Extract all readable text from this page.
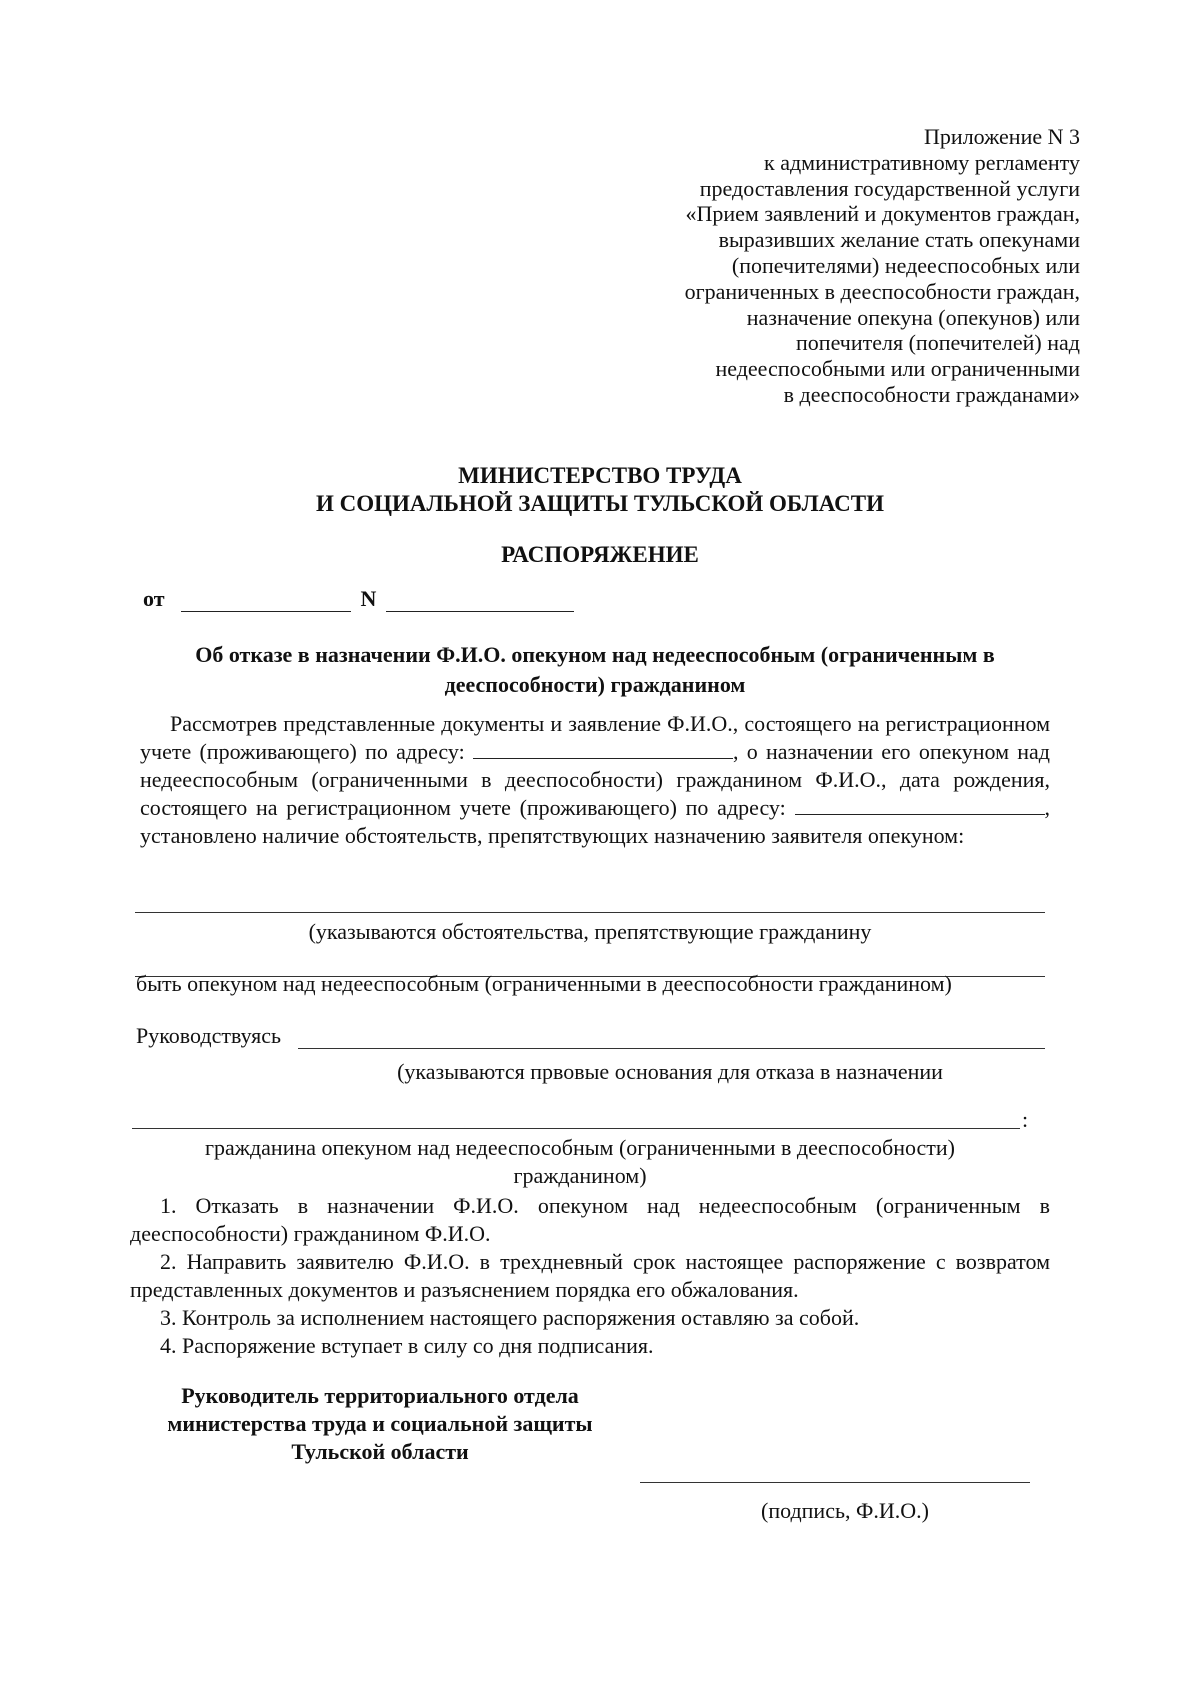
Приложение N 3
к административному регламенту
предоставления государственной услуги
«Прием заявлений и документов граждан,
выразивших желание стать опекунами
(попечителями) недееспособных или
ограниченных в дееспособности граждан,
назначение опекуна (опекунов) или
попечителя (попечителей) над
недееспособными или ограниченными
в дееспособности гражданами»
МИНИСТЕРСТВО ТРУДА
И СОЦИАЛЬНОЙ ЗАЩИТЫ ТУЛЬСКОЙ ОБЛАСТИ
РАСПОРЯЖЕНИЕ
от	N
Об отказе в назначении Ф.И.О. опекуном над недееспособным (ограниченным в
дееспособности) гражданином
Рассмотрев представленные документы и заявление Ф.И.О., состоящего на регистрационном учете (проживающего) по адресу:	, о назначении его опекуном над недееспособным (ограниченными в дееспособности) гражданином Ф.И.О., дата рождения, состоящего на регистрационном учете (проживающего) по адресу:	, установлено наличие обстоятельств, препятствующих назначению заявителя опекуном:
(указываются обстоятельства, препятствующие гражданину
быть опекуном над недееспособным (ограниченными в дееспособности гражданином)
Руководствуясь
(указываются првовые основания для отказа в назначении
:
гражданина опекуном над недееспособным (ограниченными в дееспособности)
гражданином)

1. Отказать в назначении Ф.И.О. опекуном над недееспособным (ограниченным в дееспособности) гражданином Ф.И.О.

2. Направить заявителю Ф.И.О. в трехдневный срок настоящее распоряжение с возвратом представленных документов и разъяснением порядка его обжалования.

3. Контроль за исполнением настоящего распоряжения оставляю за собой.

4. Распоряжение вступает в силу со дня подписания.

Руководитель территориального отдела
министерства труда и социальной защиты
Тульской области
(подпись, Ф.И.О.)
